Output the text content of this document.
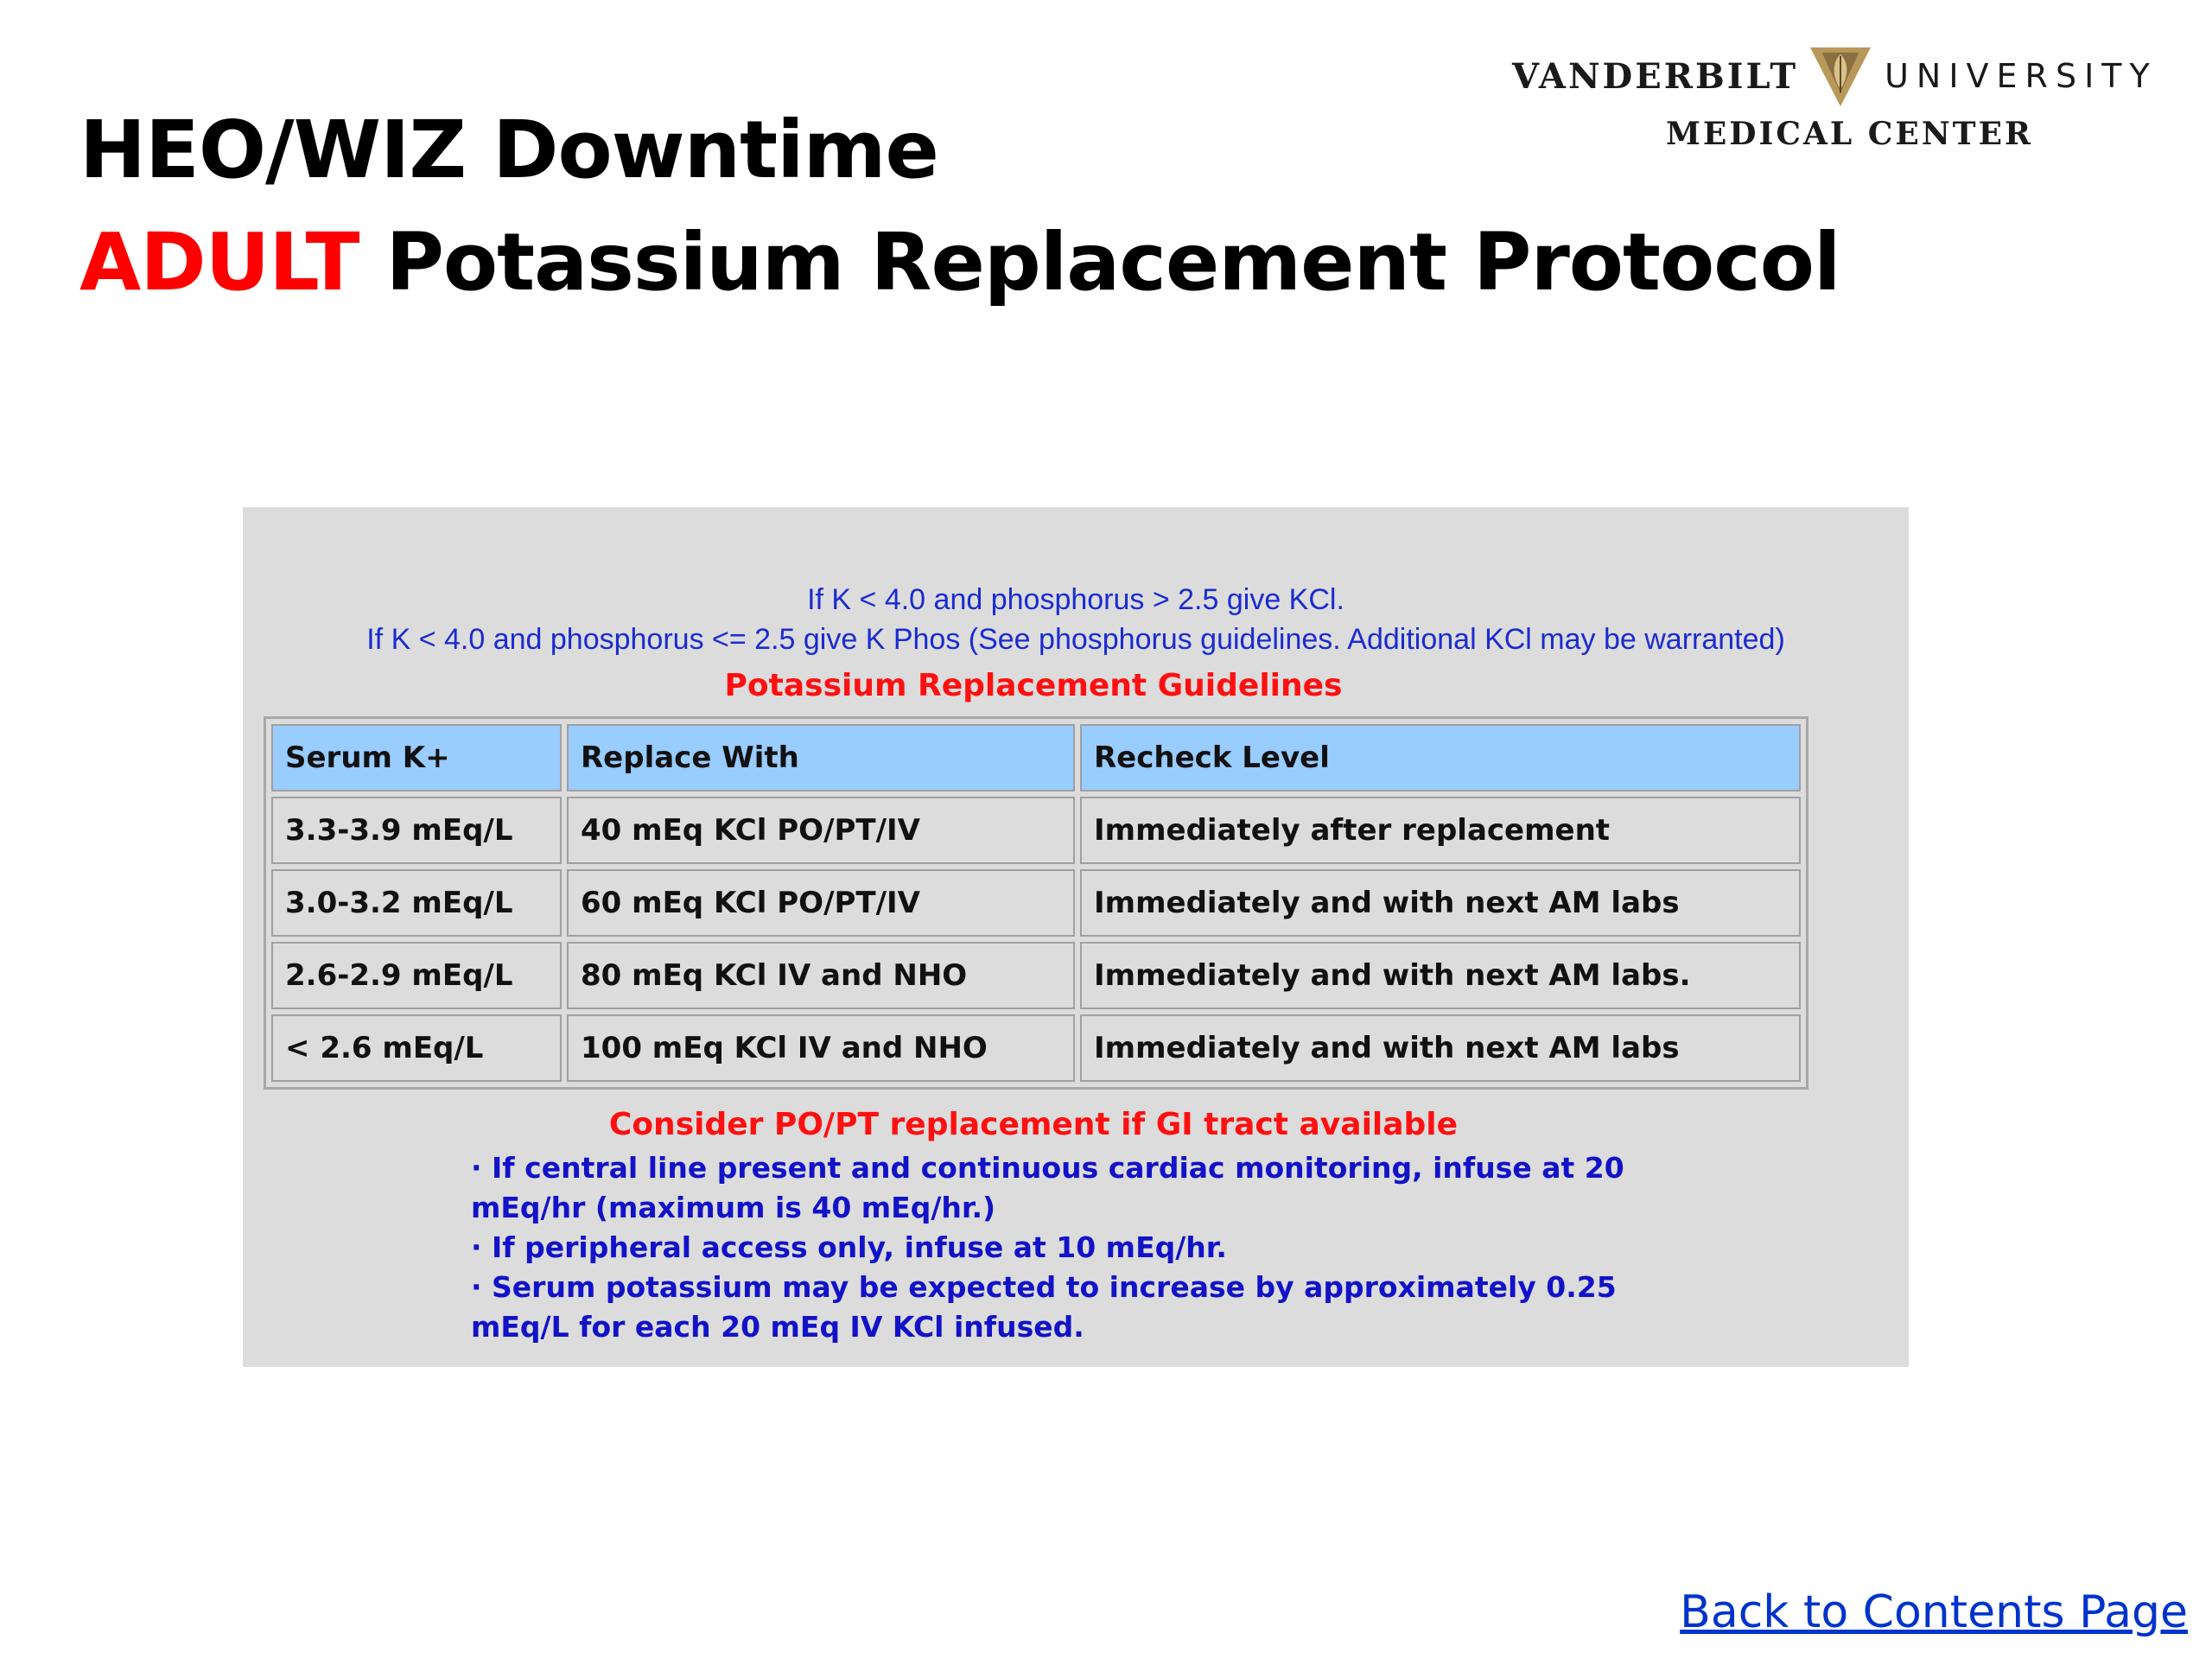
HEO/WIZ Downtime
ADULT Potassium Replacement Protocol
VANDERBILT	UNIVERSITY
MEDICAL CENTER
If K < 4.0 and phosphorus > 2.5 give KCl.
If K < 4.0 and phosphorus <= 2.5 give K Phos (See phosphorus guidelines. Additional KCl may be warranted)
Potassium Replacement Guidelines
Serum K+	Replace With	Recheck Level
3.3-3.9 mEq/L	40 mEq KCl PO/PT/IV	Immediately after replacement
3.0-3.2 mEq/L	60 mEq KCl PO/PT/IV	Immediately and with next AM labs
2.6-2.9 mEq/L	80 mEq KCl IV and NHO	Immediately and with next AM labs.
< 2.6 mEq/L	100 mEq KCl IV and NHO	Immediately and with next AM labs
Consider PO/PT replacement if GI tract available
· If central line present and continuous cardiac monitoring, infuse at 20
mEq/hr (maximum is 40 mEq/hr.)
· If peripheral access only, infuse at 10 mEq/hr.
· Serum potassium may be expected to increase by approximately 0.25
mEq/L for each 20 mEq IV KCl infused.
Back to Contents Page
